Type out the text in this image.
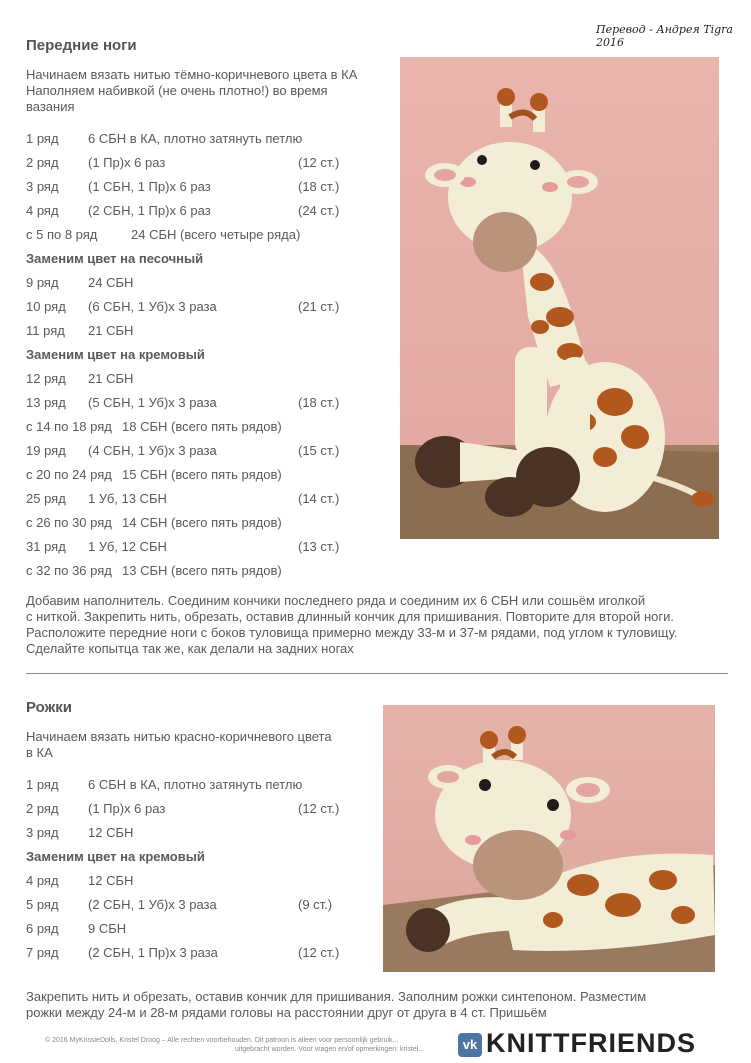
Перевод - Андрея Tigra 2016
Передние ноги
Начинаем вязать нитью тёмно-коричневого цвета в КА
Наполняем набивкой (не очень плотно!) во время
вазания
1 ряд 6 СБН в КА, плотно затянуть петлю
2 ряд (1 Пр)х 6 раз	(12 ст.)
3 ряд (1 СБН, 1 Пр)х 6 раз	(18 ст.)
4 ряд (2 СБН, 1 Пр)х 6 раз	(24 ст.)
с 5 по 8 ряд	24 СБН (всего четыре ряда)
Заменим цвет на песочный
9 ряд 24 СБН
10 ряд (6 СБН, 1 Уб)х 3 раза	(21 ст.)
11 ряд 21 СБН
Заменим цвет на кремовый
12 ряд 21 СБН
13 ряд (5 СБН, 1 Уб)х 3 раза	(18 ст.)
с 14 по 18 ряд 18 СБН (всего пять рядов)
19 ряд (4 СБН, 1 Уб)х 3 раза	(15 ст.)
с 20 по 24 ряд 15 СБН (всего пять рядов)
25 ряд 1 Уб, 13 СБН	(14 ст.)
с 26 по 30 ряд 14 СБН (всего пять рядов)
31 ряд 1 Уб, 12 СБН	(13 ст.)
с 32 по 36 ряд 13 СБН (всего пять рядов)
Добавим наполнитель. Соединим кончики последнего ряда и соединим их 6 СБН или сошьём иголкой
с ниткой. Закрепить нить, обрезать, оставив длинный кончик для пришивания. Повторите для второй ноги.
Расположите передние ноги с боков туловища примерно между 33-м и 37-м рядами, под углом к туловищу.
Сделайте копытца так же, как делали на задних ногах
Рожки
Начинаем вязать нитью красно-коричневого цвета
в КА
1 ряд 6 СБН в КА, плотно затянуть петлю
2 ряд (1 Пр)х 6 раз	(12 ст.)
3 ряд 12 СБН
Заменим цвет на кремовый
4 ряд 12 СБН
5 ряд (2 СБН, 1 Уб)х 3 раза	(9 ст.)
6 ряд 9 СБН
7 ряд (2 СБН, 1 Пр)х 3 раза	(12 ст.)
Закрепить нить и обрезать, оставив кончик для пришивания. Заполним рожки синтепоном. Разместим
рожки между 24-м и 28-м рядами головы на расстоянии друг от друга в 4 ст. Пришьём
© 2016 MyKrissieDolls, Kristel Droog – Alle rechten voorbehouden. Dit patroon is alleen voor persoonlijk gebruik...
uitgebracht worden. Voor vragen en/of opmerkingen: kristel...	vk KNITTFRIENDS
